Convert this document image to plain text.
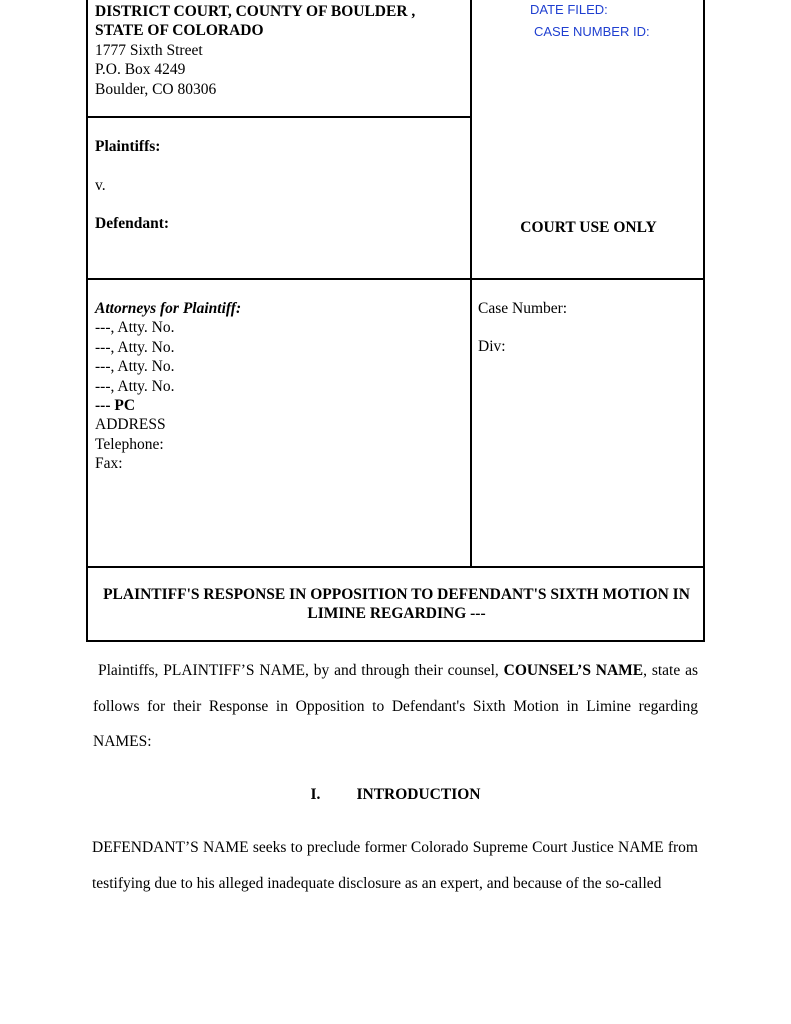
DISTRICT COURT, COUNTY OF BOULDER ,
STATE OF COLORADO
1777 Sixth Street
P.O. Box 4249
Boulder, CO 80306
DATE FILED:
CASE NUMBER ID:
Plaintiffs:
v.
Defendant:	COURT USE ONLY
Attorneys for Plaintiff:
---, Atty. No.
---, Atty. No.
---, Atty. No.
---, Atty. No.
--- PC
ADDRESS
Telephone:
Fax:
Case Number:
Div:
PLAINTIFF'S RESPONSE IN OPPOSITION TO DEFENDANT'S SIXTH MOTION IN
LIMINE REGARDING ---

Plaintiffs, PLAINTIFF’S NAME, by and through their counsel, COUNSEL’S NAME, state as follows for their Response in Opposition to Defendant's Sixth Motion in Limine regarding NAMES:

I. INTRODUCTION

DEFENDANT’S NAME seeks to preclude former Colorado Supreme Court Justice NAME from testifying due to his alleged inadequate disclosure as an expert, and because of the so-called
